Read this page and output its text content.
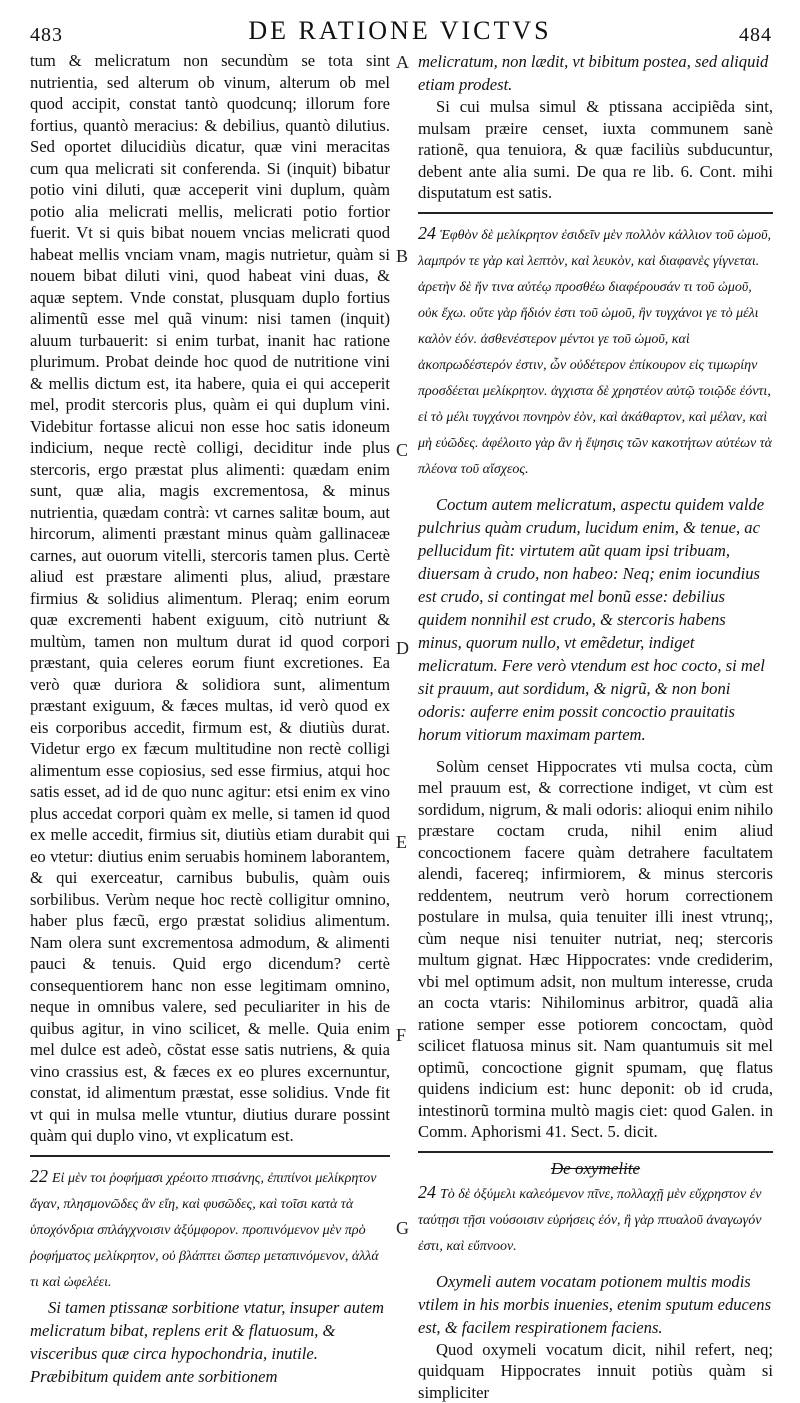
483	DE RATIONE VICTVS	484
A
B
C
D
E
F
G

tum & melicratum non secundùm se tota sint nutrientia, sed alterum ob vinum, alterum ob mel quod accipit, constat tantò quodcunq; illorum fore fortius, quantò meracius: & debilius, quantò dilutius. Sed oportet dilucidiùs dicatur, quæ vini meracitas cum qua melicrati sit conferenda. Si (inquit) bibatur potio vini diluti, quæ acceperit vini duplum, quàm potio alia melicrati mellis, melicrati potio fortior fuerit. Vt si quis bibat nouem vncias melicrati quod habeat mellis vnciam vnam, magis nutrietur, quàm si nouem bibat diluti vini, quod habeat vini duas, & aquæ septem. Vnde constat, plusquam duplo fortius alimentũ esse mel quã vinum: nisi tamen (inquit) aluum turbauerit: si enim turbat, inanit hac ratione plurimum. Probat deinde hoc quod de nutritione vini & mellis dictum est, ita habere, quia ei qui acceperit mel, prodit stercoris plus, quàm ei qui duplum vini. Videbitur fortasse alicui non esse hoc satis idoneum indicium, neque rectè colligi, deciditur inde plus stercoris, ergo præstat plus alimenti: quædam enim sunt, quæ alia, magis excrementosa, & minus nutrientia, quædam contrà: vt carnes salitæ boum, aut hircorum, alimenti præstant minus quàm gallinaceæ carnes, aut ouorum vitelli, stercoris tamen plus. Certè aliud est præstare alimenti plus, aliud, præstare firmius & solidius alimentum. Pleraq; enim eorum quæ excrementi habent exiguum, citò nutriunt & multùm, tamen non multum durat id quod corpori præstant, quia celeres eorum fiunt excretiones. Ea verò quæ duriora & solidiora sunt, alimentum præstant exiguum, & fæces multas, id verò quod ex eis corporibus accedit, firmum est, & diutiùs durat. Videtur ergo ex fæcum multitudine non rectè colligi alimentum esse copiosius, sed esse firmius, atqui hoc satis esset, ad id de quo nunc agitur: etsi enim ex vino plus accedat corpori quàm ex melle, si tamen id quod ex melle accedit, firmius sit, diutiùs etiam durabit qui eo vtetur: diutius enim seruabis hominem laborantem, & qui exerceatur, carnibus bubulis, quàm ouis sorbilibus. Verùm neque hoc rectè colligitur omnino, haber plus fæcũ, ergo præstat solidius alimentum. Nam olera sunt excrementosa admodum, & alimenti pauci & tenuis. Quid ergo dicendum? certè consequentiorem hanc non esse legitimam omnino, neque in omnibus valere, sed peculiariter in his de quibus agitur, in vino scilicet, & melle. Quia enim mel dulce est adeò, cõstat esse satis nutriens, & quia vino crassius est, & fæces ex eo plures excernuntur, constat, id alimentum præstat, esse solidius. Vnde fit vt qui in mulsa melle vtuntur, diutius durare possint quàm qui duplo vino, vt explicatum est.

22 Εἰ μὲν τοι ῥοφήμασι χρέοιτο πτισάνης, ἐπιπίνοι μελίκρητον ἄγαν, πλησμονῶδες ἂν εἴη, καὶ φυσῶδες, καὶ τοῖσι κατὰ τὰ ὑποχόνδρια σπλάγχνοισιν ἀξύμφορον. προπινόμενον μὲν πρὸ ῥοφήματος μελίκρητον, οὐ βλάπτει ὥσπερ μεταπινόμενον, ἀλλά τι καὶ ὠφελέει.

Si tamen ptissanæ sorbitione vtatur, insuper autem melicratum bibat, replens erit & flatuosum, & visceribus quæ circa hypochondria, inutile. Præbibitum quidem ante sorbitionem

melicratum, non lædit, vt bibitum postea, sed aliquid etiam prodest.

Si cui mulsa simul & ptissana accipiẽda sint, mulsam præire censet, iuxta communem sanè rationẽ, qua tenuiora, & quæ faciliùs subducuntur, debent ante alia sumi. De qua re lib. 6. Cont. mihi disputatum est satis.

24 Ἑφθὸν δὲ μελίκρητον ἐσιδεῖν μὲν πολλὸν κάλλιον τοῦ ὠμοῦ, λαμπρόν τε γὰρ καὶ λεπτὸν, καὶ λευκὸν, καὶ διαφανὲς γίγνεται. ἀρετὴν δὲ ἥν τινα αὐτέῳ προσθέω διαφέρουσάν τι τοῦ ὠμοῦ, οὐκ ἔχω. οὔτε γὰρ ἥδιόν ἐστι τοῦ ὠμοῦ, ἢν τυγχάνοι γε τὸ μέλι καλὸν ἐόν. ἀσθενέστερον μέντοι γε τοῦ ὠμοῦ, καὶ ἀκοπρωδέστερόν ἐστιν, ὧν οὐδέτερον ἐπίκουρον εἰς τιμωρίην προσδέεται μελίκρητον. ἀγχιστα δὲ χρηστέον αὐτῷ τοιῷδε ἐόντι, εἰ τὸ μέλι τυγχάνοι πονηρὸν ἐὸν, καὶ ἀκάθαρτον, καὶ μέλαν, καὶ μὴ εὐῶδες. ἀφέλοιτο γὰρ ἂν ἡ ἕψησις τῶν κακοτήτων αὐτέων τὰ πλέονα τοῦ αἴσχεος.

Coctum autem melicratum, aspectu quidem valde pulchrius quàm crudum, lucidum enim, & tenue, ac pellucidum fit: virtutem aũt quam ipsi tribuam, diuersam à crudo, non habeo: Neq; enim iocundius est crudo, si contingat mel bonũ esse: debilius quidem nonnihil est crudo, & stercoris habens minus, quorum nullo, vt emẽdetur, indiget melicratum. Fere verò vtendum est hoc cocto, si mel sit prauum, aut sordidum, & nigrũ, & non boni odoris: auferre enim possit concoctio prauitatis horum vitiorum maximam partem.

Solùm censet Hippocrates vti mulsa cocta, cùm mel prauum est, & correctione indiget, vt cùm est sordidum, nigrum, & mali odoris: alioqui enim nihilo præstare coctam cruda, nihil enim aliud concoctionem facere quàm detrahere facultatem alendi, facereq; infirmiorem, & minus stercoris reddentem, neutrum verò horum correctionem postulare in mulsa, quia tenuiter illi inest vtrunq;, cùm neque nisi tenuiter nutriat, neq; stercoris multum gignat. Hæc Hippocrates: vnde crediderim, vbi mel optimum adsit, non multum interesse, cruda an cocta vtaris: Nihilominus arbitror, quadã alia ratione semper esse potiorem concoctam, quòd scilicet flatuosa minus sit. Nam quantumuis sit mel optimũ, concoctione gignit spumam, quę flatus quidens indicium est: hunc deponit: ob id cruda, intestinorũ tormina multò magis ciet: quod Galen. in Comm. Aphorismi 41. Sect. 5. dicit.

De oxymelite

24 Τὸ δὲ ὀξύμελι καλεόμενον πῖνε, πολλαχῇ μὲν εὔχρηστον ἐν ταύτῃσι τῇσι νούσοισιν εὑρήσεις ἐόν, ἢ γὰρ πτυαλοῦ ἀναγωγόν ἐστι, καὶ εὔπνοον.

Oxymeli autem vocatam potionem multis modis vtilem in his morbis inuenies, etenim sputum educens est, & facilem respirationem faciens.

Quod oxymeli vocatum dicit, nihil refert, neq; quidquam Hippocrates innuit potiùs quàm si simpliciter
